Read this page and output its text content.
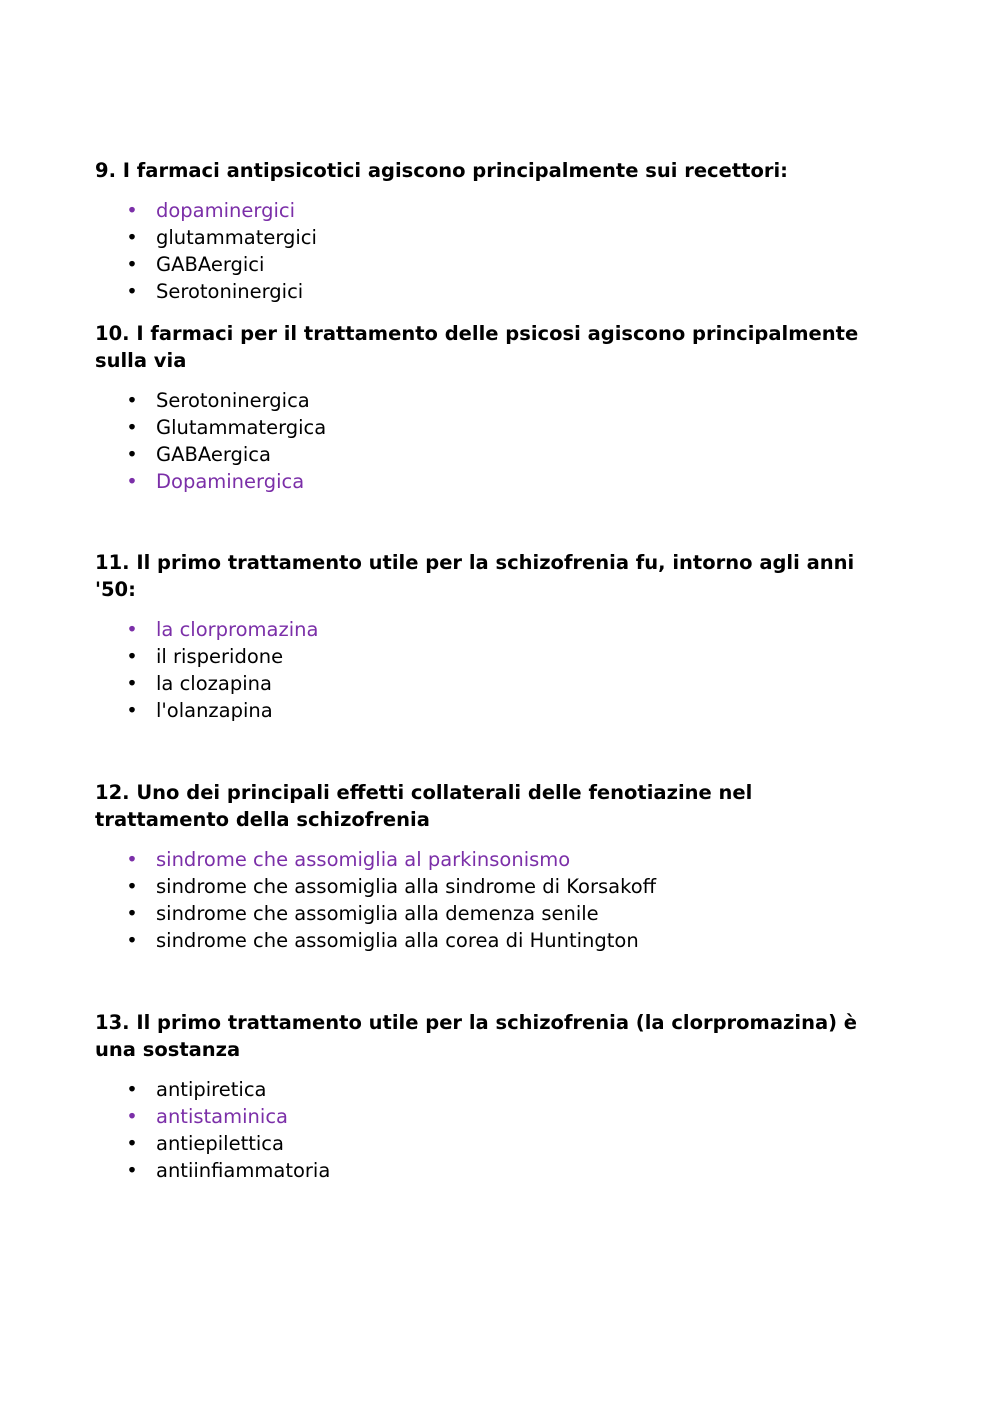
9. I farmaci antipsicotici agiscono principalmente sui recettori:
• dopaminergici
• glutammatergici
• GABAergici
• Serotoninergici
10. I farmaci per il trattamento delle psicosi agiscono principalmente
sulla via
• Serotoninergica
• Glutammatergica
• GABAergica
• Dopaminergica
11. Il primo trattamento utile per la schizofrenia fu, intorno agli anni
'50:
• la clorpromazina
• il risperidone
• la clozapina
• l'olanzapina
12. Uno dei principali effetti collaterali delle fenotiazine nel
trattamento della schizofrenia
• sindrome che assomiglia al parkinsonismo
• sindrome che assomiglia alla sindrome di Korsakoff
• sindrome che assomiglia alla demenza senile
• sindrome che assomiglia alla corea di Huntington
13. Il primo trattamento utile per la schizofrenia (la clorpromazina) è
una sostanza
• antipiretica
• antistaminica
• antiepilettica
• antiinfiammatoria
